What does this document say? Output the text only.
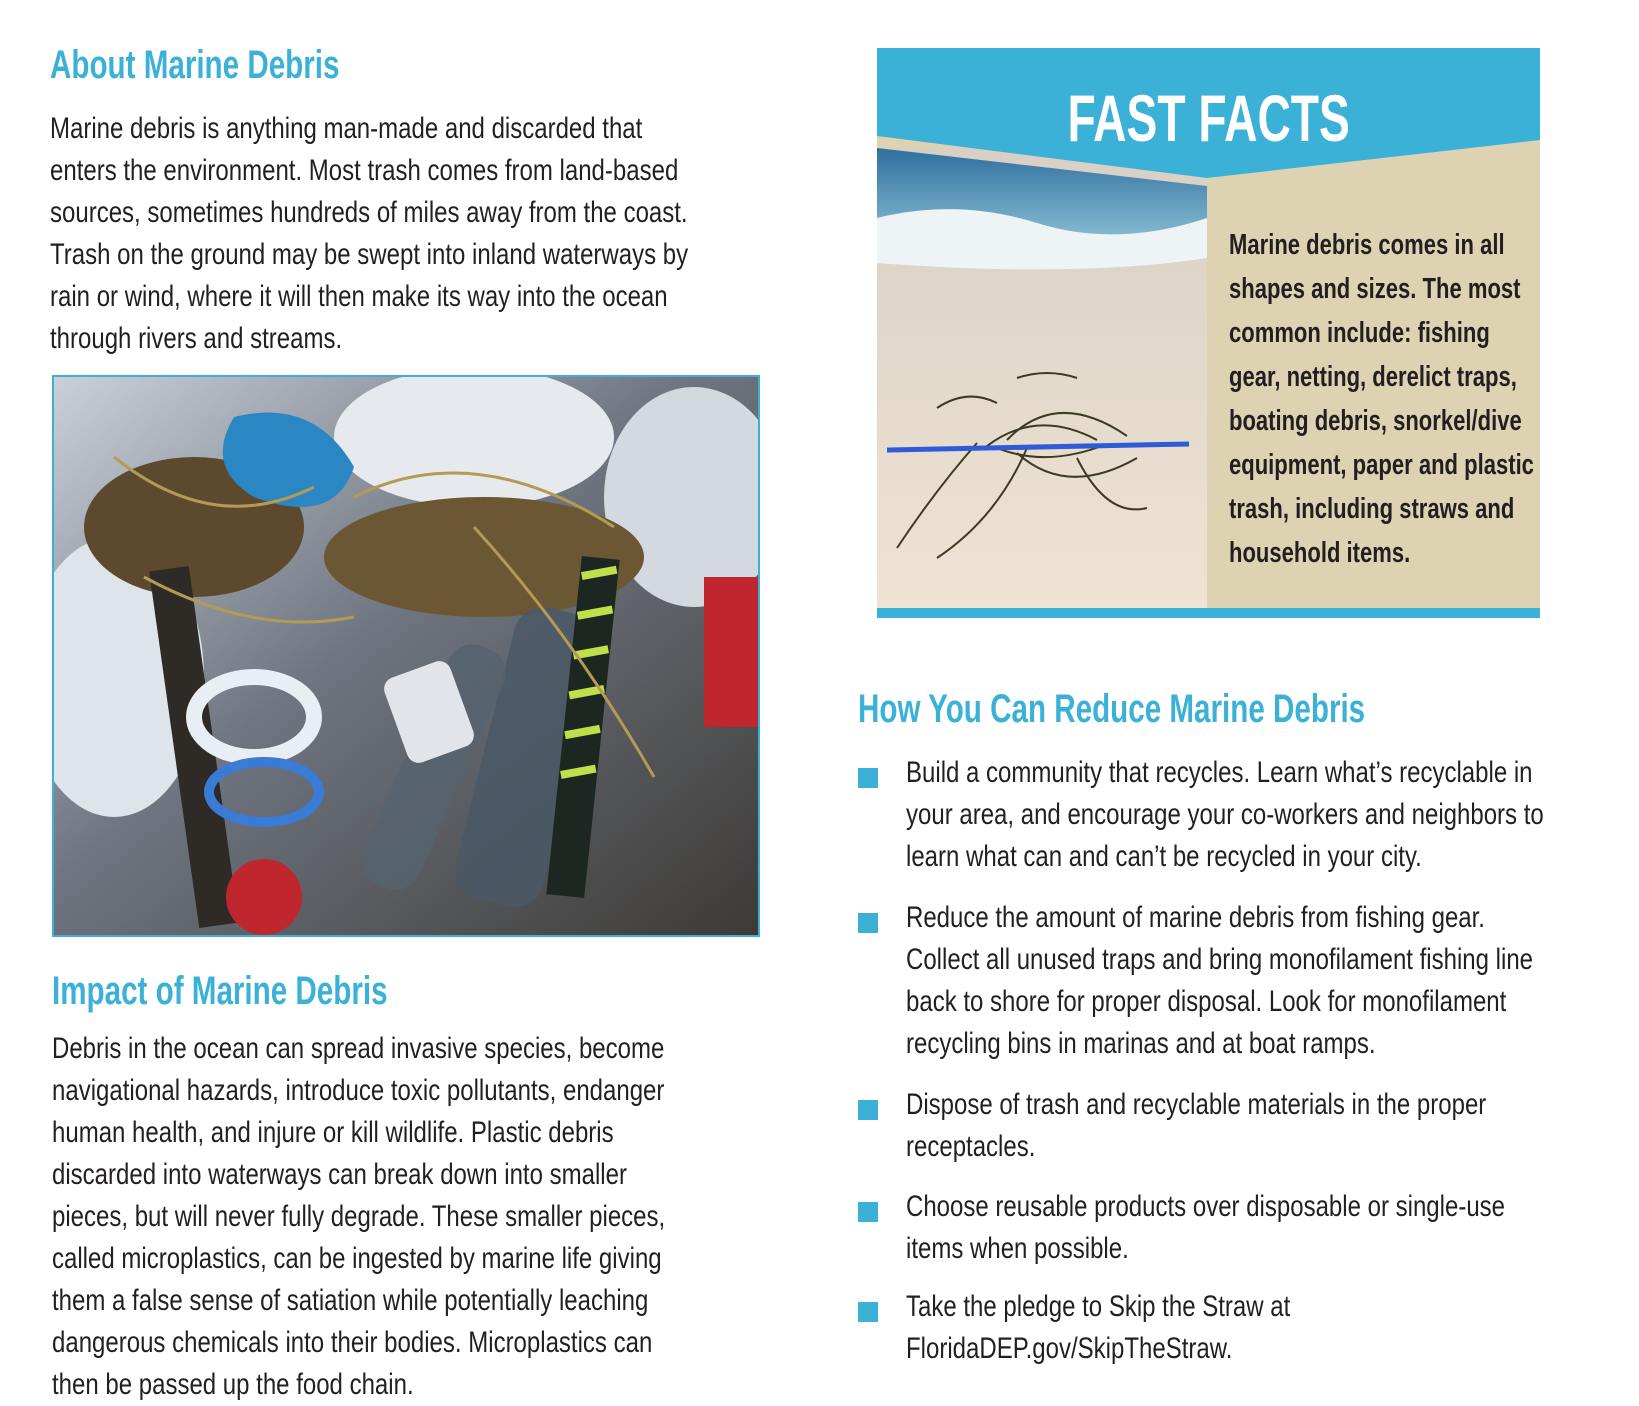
About Marine Debris
Marine debris is anything man-made and discarded that
enters the environment. Most trash comes from land-based
sources, sometimes hundreds of miles away from the coast.
Trash on the ground may be swept into inland waterways by
rain or wind, where it will then make its way into the ocean
through rivers and streams.
Impact of Marine Debris
Debris in the ocean can spread invasive species, become
navigational hazards, introduce toxic pollutants, endanger
human health, and injure or kill wildlife. Plastic debris
discarded into waterways can break down into smaller
pieces, but will never fully degrade. These smaller pieces,
called microplastics, can be ingested by marine life giving
them a false sense of satiation while potentially leaching
dangerous chemicals into their bodies. Microplastics can
then be passed up the food chain.
FAST FACTS
Marine debris comes in all
shapes and sizes. The most
common include: fishing
gear, netting, derelict traps,
boating debris, snorkel/dive
equipment, paper and plastic
trash, including straws and
household items.
How You Can Reduce Marine Debris
Build a community that recycles. Learn what’s recyclable in
your area, and encourage your co-workers and neighbors to
learn what can and can’t be recycled in your city.
Reduce the amount of marine debris from fishing gear.
Collect all unused traps and bring monofilament fishing line
back to shore for proper disposal. Look for monofilament
recycling bins in marinas and at boat ramps.
Dispose of trash and recyclable materials in the proper
receptacles.
Choose reusable products over disposable or single-use
items when possible.
Take the pledge to Skip the Straw at
FloridaDEP.gov/SkipTheStraw.
